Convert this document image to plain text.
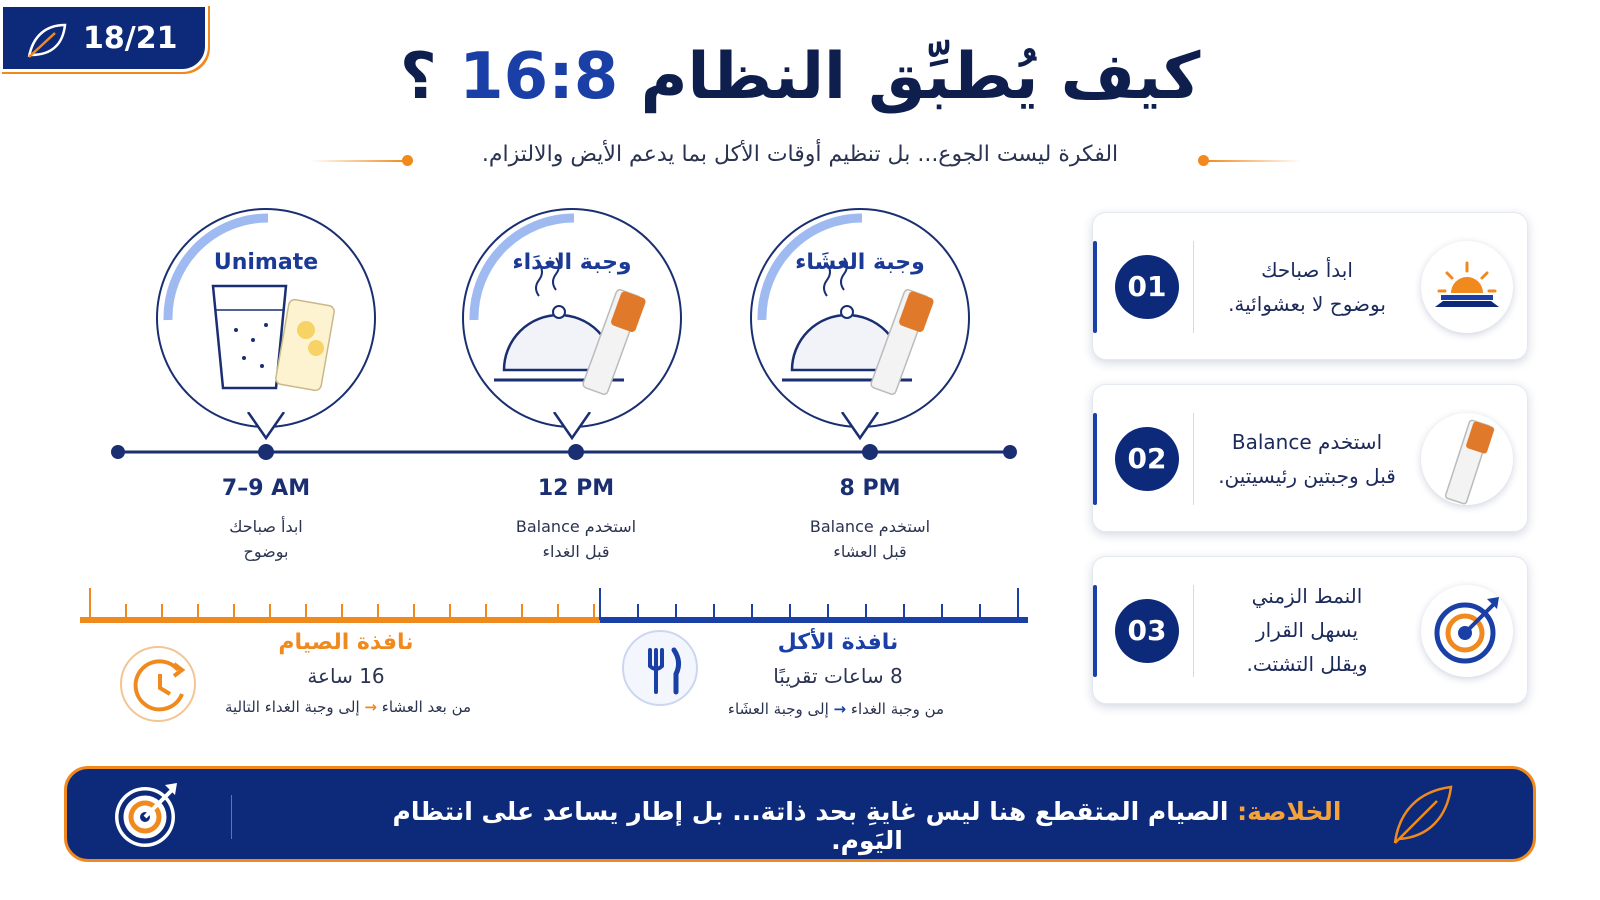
18/21
كيف يُطبِّق النظام 16:8 ؟
الفكرة ليست الجوع... بل تنظيم أوقات الأكل بما يدعم الأيض والالتزام.
Unimate	وجبة الغدَاء	وجبة العشَاء
7–9 AM
ابدأ صباحك
بوضوح
12 PM
استخدم Balance
قبل الغداء
8 PM
استخدم Balance
قبل العشاء
نافذة الصيام
16 ساعة
من بعد العشاء → إلى وجبة الغداء التالية
نافذة الأكل
8 ساعات تقريبًا
من وجبة الغداء → إلى وجبة العشَاء
01	ابدأ صباحك
بوضوح لا بعشوائية.
02	استخدم Balance
قبل وجبتين رئيسيتين.
03
النمط الزمني
يسهل القرار
ويقلل التشتت.
الخلاصة: الصيام المتقطع هنا ليس غايةِ بحد ذاتة... بل إطار يساعد على انتظام اليَوم.
